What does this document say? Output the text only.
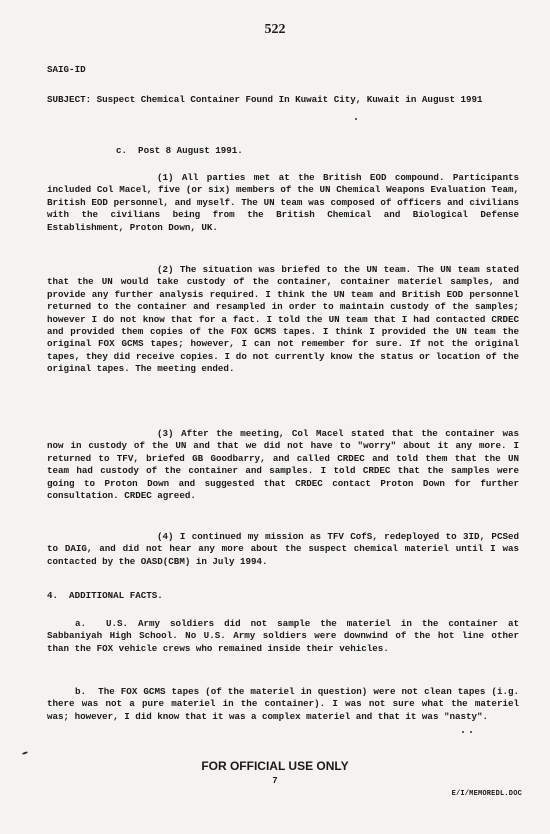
522
SAIG-ID
SUBJECT: Suspect Chemical Container Found In Kuwait City, Kuwait in August 1991
c.  Post 8 August 1991.
(1) All parties met at the British EOD compound. Participants included Col Macel, five (or six) members of the UN Chemical Weapons Evaluation Team, British EOD personnel, and myself. The UN team was composed of officers and civilians with the civilians being from the British Chemical and Biological Defense Establishment, Proton Down, UK.
(2) The situation was briefed to the UN team. The UN team stated that the UN would take custody of the container, container materiel samples, and provide any further analysis required. I think the UN team and British EOD personnel returned to the container and resampled in order to maintain custody of the samples; however I do not know that for a fact. I told the UN team that I had contacted CRDEC and provided them copies of the FOX GCMS tapes. I think I provided the UN team the original FOX GCMS tapes; however, I can not remember for sure. If not the original tapes, they did receive copies. I do not currently know the status or location of the original tapes. The meeting ended.
(3) After the meeting, Col Macel stated that the container was now in custody of the UN and that we did not have to "worry" about it any more. I returned to TFV, briefed GB Goodbarry, and called CRDEC and told them that the UN team had custody of the container and samples. I told CRDEC that the samples were going to Proton Down and suggested that CRDEC contact Proton Down for further consultation. CRDEC agreed.
(4) I continued my mission as TFV CofS, redeployed to 3ID, PCSed to DAIG, and did not hear any more about the suspect chemical materiel until I was contacted by the OASD(CBM) in July 1994.
4.  ADDITIONAL FACTS.
a.  U.S. Army soldiers did not sample the materiel in the container at Sabbaniyah High School. No U.S. Army soldiers were downwind of the hot line other than the FOX vehicle crews who remained inside their vehicles.
b.  The FOX GCMS tapes (of the materiel in question) were not clean tapes (i.g. there was not a pure materiel in the container). I was not sure what the materiel was; however, I did know that it was a complex materiel and that it was "nasty".
FOR OFFICIAL USE ONLY
7
E/I/MEMOREDL.DOC
